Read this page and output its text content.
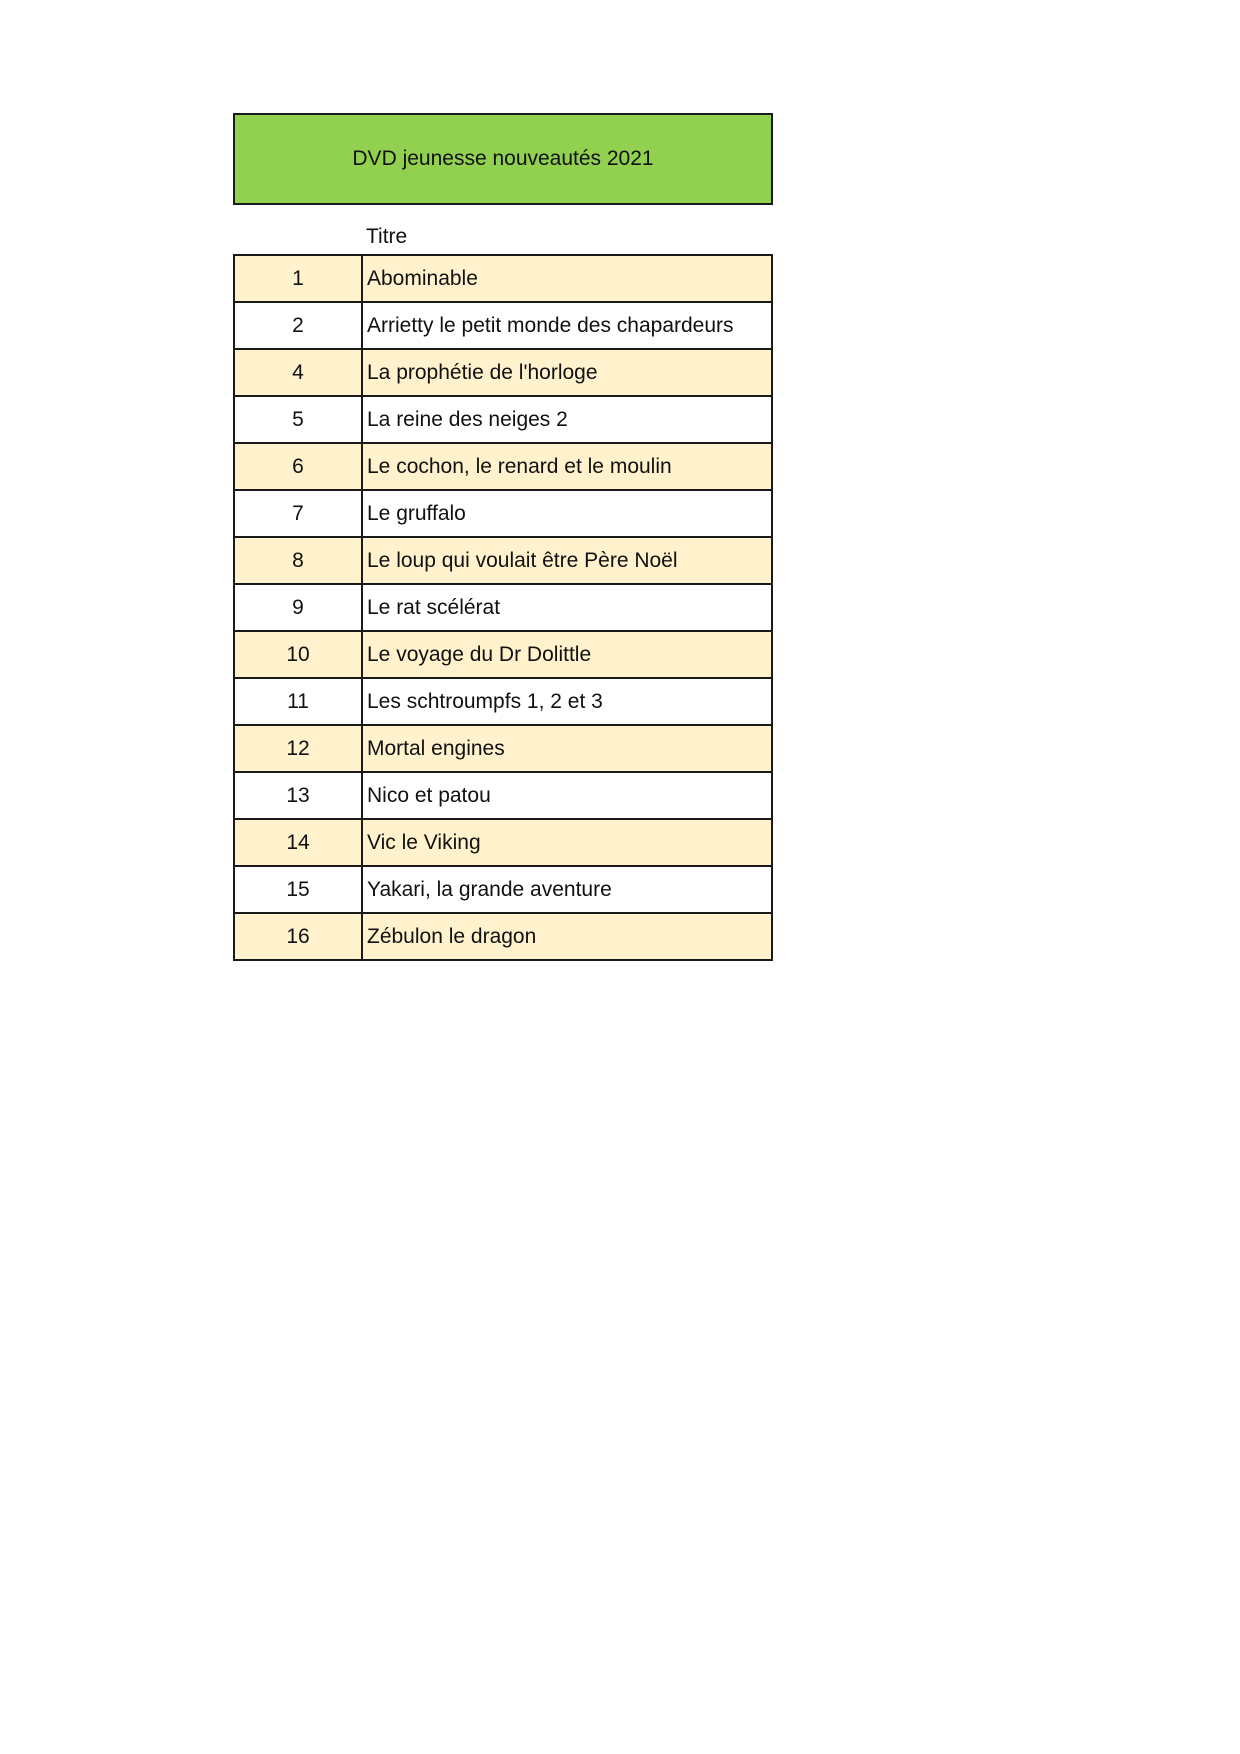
DVD jeunesse nouveautés 2021
Titre
1	Abominable
2	Arrietty le petit monde des chapardeurs
4	La prophétie de l'horloge
5	La reine des neiges 2
6	Le cochon, le renard et le moulin
7	Le gruffalo
8	Le loup qui voulait être Père Noël
9	Le rat scélérat
10	Le voyage du Dr Dolittle
11	Les schtroumpfs 1, 2 et 3
12	Mortal engines
13	Nico et patou
14	Vic le Viking
15	Yakari, la grande aventure
16	Zébulon le dragon
